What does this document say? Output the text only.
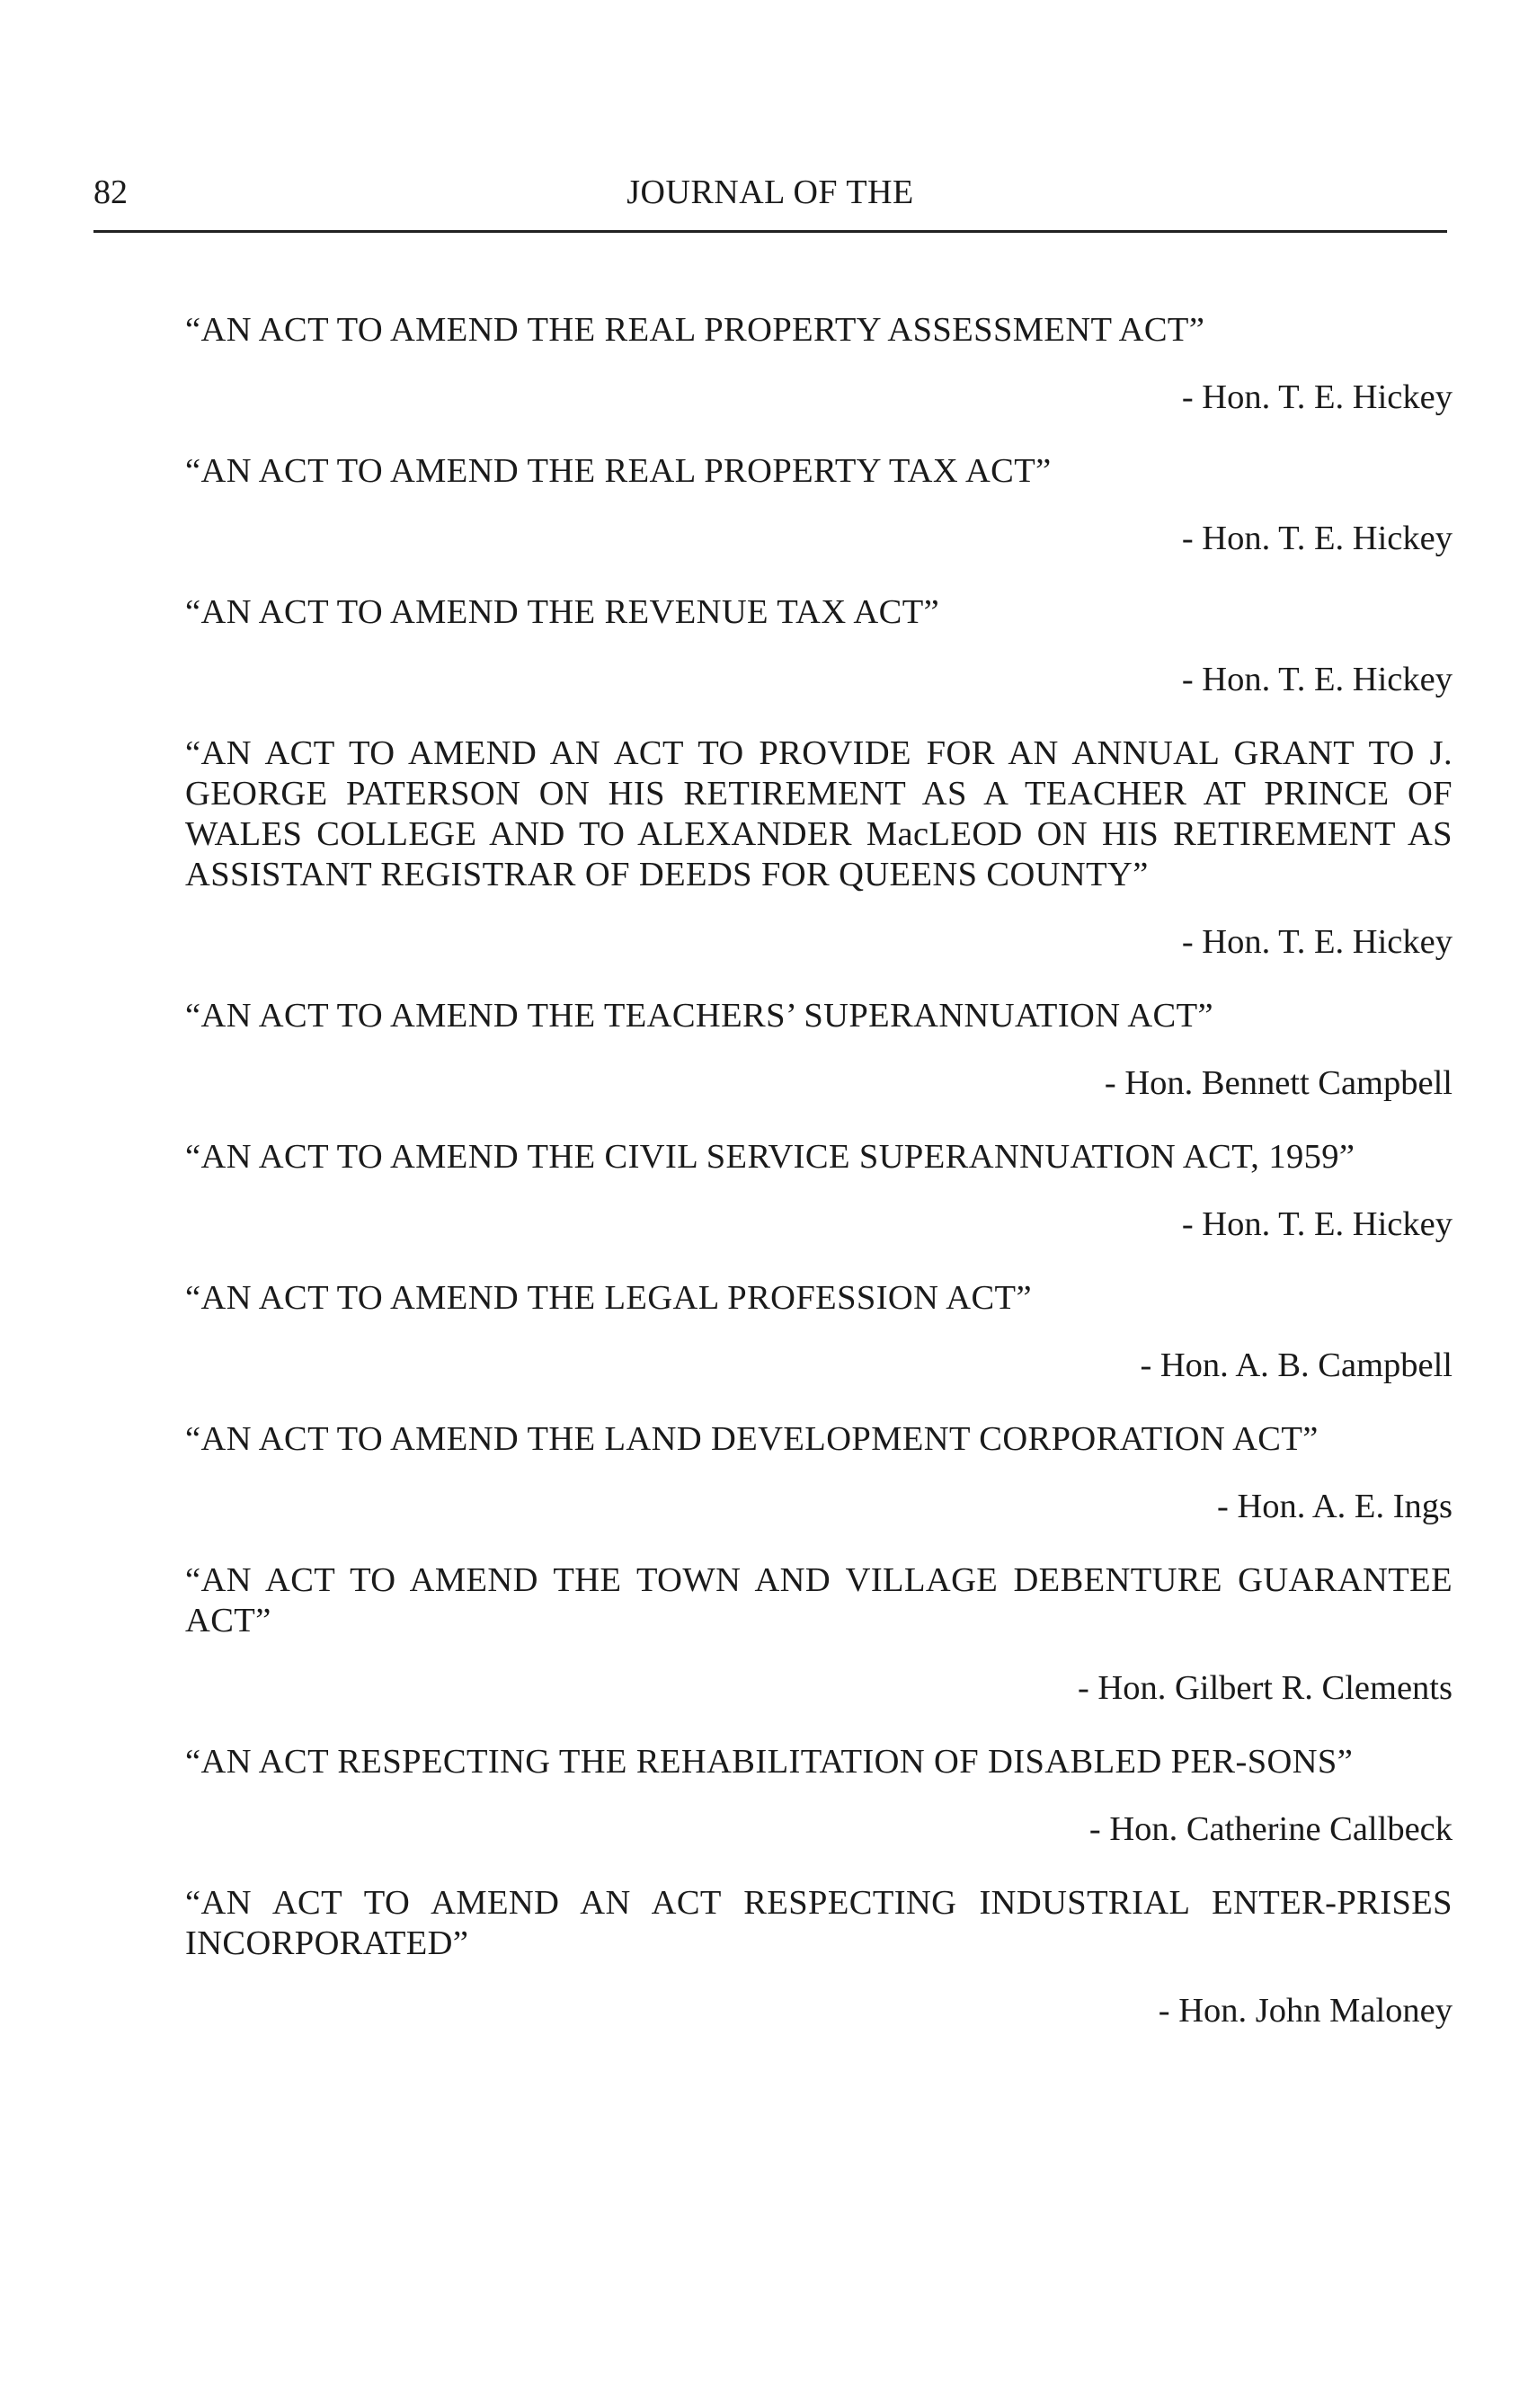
82	JOURNAL OF THE
“AN ACT TO AMEND THE REAL PROPERTY ASSESSMENT ACT”
- Hon. T. E. Hickey
“AN ACT TO AMEND THE REAL PROPERTY TAX ACT”
- Hon. T. E. Hickey
“AN ACT TO AMEND THE REVENUE TAX ACT”
- Hon. T. E. Hickey
“AN ACT TO AMEND AN ACT TO PROVIDE FOR AN ANNUAL GRANT TO J. GEORGE PATERSON ON HIS RETIREMENT AS A TEACHER AT PRINCE OF WALES COLLEGE AND TO ALEXANDER MacLEOD ON HIS RETIREMENT AS ASSISTANT REGISTRAR OF DEEDS FOR QUEENS COUNTY”
- Hon. T. E. Hickey
“AN ACT TO AMEND THE TEACHERS’ SUPERANNUATION ACT”
- Hon. Bennett Campbell
“AN ACT TO AMEND THE CIVIL SERVICE SUPERANNUATION ACT, 1959”
- Hon. T. E. Hickey
“AN ACT TO AMEND THE LEGAL PROFESSION ACT”
- Hon. A. B. Campbell
“AN ACT TO AMEND THE LAND DEVELOPMENT CORPORATION ACT”
- Hon. A. E. Ings
“AN ACT TO AMEND THE TOWN AND VILLAGE DEBENTURE GUARANTEE ACT”
- Hon. Gilbert R. Clements
“AN ACT RESPECTING THE REHABILITATION OF DISABLED PER-SONS”
- Hon. Catherine Callbeck
“AN ACT TO AMEND AN ACT RESPECTING INDUSTRIAL ENTER-PRISES INCORPORATED”
- Hon. John Maloney
